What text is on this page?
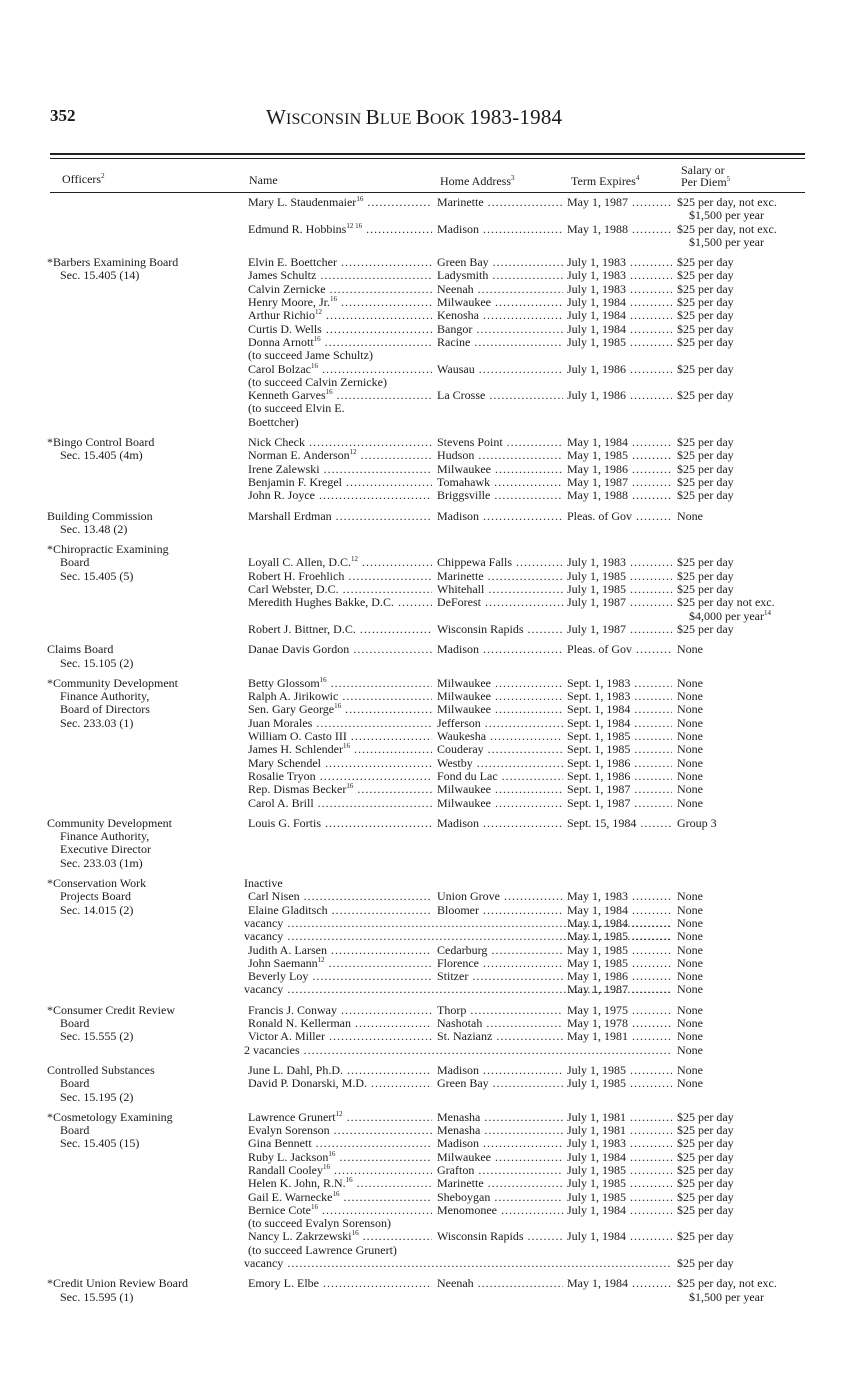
352	WISCONSIN BLUE BOOK 1983-1984
Officers$^2$	Name	Home Address$^3$	Term Expires$^4$
Salary or
Per Diem$^5$
Mary L. Staudenmaier$^{16}$ .....	Marinette .....	May 1, 1987 .....	$25 per day, not exc.
$1,500 per year
Edmund R. Hobbins$^{12 16}$ .....	Madison .....	May 1, 1988 .....	$25 per day, not exc.
$1,500 per year
*Barbers Examining Board
Sec. 15.405 (14)
Elvin E. Boettcher .....	Green Bay .....	July 1, 1983 .....	$25 per day
James Schultz .....	Ladysmith .....	July 1, 1983 .....	$25 per day
Calvin Zernicke .....	Neenah .....	July 1, 1983 .....	$25 per day
Henry Moore, Jr.$^{16}$ .....	Milwaukee .....	July 1, 1984 .....	$25 per day
Arthur Richio$^{12}$ .....	Kenosha .....	July 1, 1984 .....	$25 per day
Curtis D. Wells .....	Bangor .....	July 1, 1984 .....	$25 per day
Donna Arnott$^{16}$ .....	Racine .....	July 1, 1985 .....	$25 per day
(to succeed Jame Schultz)
Carol Bolzac$^{16}$ .....	Wausau .....	July 1, 1986 .....	$25 per day
(to succeed Calvin Zernicke)
Kenneth Garves$^{16}$ .....	La Crosse .....	July 1, 1986 .....	$25 per day
(to succeed Elvin E.
Boettcher)
*Bingo Control Board
Sec. 15.405 (4m)
Nick Check .....	Stevens Point .....	May 1, 1984 .....	$25 per day
Norman E. Anderson$^{12}$ .....	Hudson .....	May 1, 1985 .....	$25 per day
Irene Zalewski .....	Milwaukee .....	May 1, 1986 .....	$25 per day
Benjamin F. Kregel .....	Tomahawk .....	May 1, 1987 .....	$25 per day
John R. Joyce .....	Briggsville .....	May 1, 1988 .....	$25 per day
Building Commission
Sec. 13.48 (2)
Marshall Erdman .....	Madison .....	Pleas. of Gov .....	None
*Chiropractic Examining
Board
Sec. 15.405 (5)
Loyall C. Allen, D.C.$^{12}$ .....	Chippewa Falls .....	July 1, 1983 .....	$25 per day
Robert H. Froehlich .....	Marinette .....	July 1, 1985 .....	$25 per day
Carl Webster, D.C. .....	Whitehall .....	July 1, 1985 .....	$25 per day
Meredith Hughes Bakke, D.C. .....	DeForest .....	July 1, 1987 .....	$25 per day not exc.
$4,000 per year$^{14}$
Robert J. Bittner, D.C. .....	Wisconsin Rapids .....	July 1, 1987 .....	$25 per day
Claims Board
Sec. 15.105 (2)
Danae Davis Gordon .....	Madison .....	Pleas. of Gov .....	None
*Community Development
Finance Authority,
Board of Directors
Sec. 233.03 (1)
Betty Glossom$^{16}$ .....	Milwaukee .....	Sept. 1, 1983 .....	None
Ralph A. Jirikowic .....	Milwaukee .....	Sept. 1, 1983 .....	None
Sen. Gary George$^{16}$ .....	Milwaukee .....	Sept. 1, 1984 .....	None
Juan Morales .....	Jefferson .....	Sept. 1, 1984 .....	None
William O. Casto III .....	Waukesha .....	Sept. 1, 1985 .....	None
James H. Schlender$^{16}$ .....	Couderay .....	Sept. 1, 1985 .....	None
Mary Schendel .....	Westby .....	Sept. 1, 1986 .....	None
Rosalie Tryon .....	Fond du Lac .....	Sept. 1, 1986 .....	None
Rep. Dismas Becker$^{16}$ .....	Milwaukee .....	Sept. 1, 1987 .....	None
Carol A. Brill .....	Milwaukee .....	Sept. 1, 1987 .....	None
Community Development
Finance Authority,
Executive Director
Sec. 233.03 (1m)
Louis G. Fortis .....	Madison .....	Sept. 15, 1984 .....	Group 3
*Conservation Work
Projects Board
Sec. 14.015 (2)
Inactive
Carl Nisen .....	Union Grove .....	May 1, 1983 .....	None
Elaine Gladitsch .....	Bloomer .....	May 1, 1984 .....	None
vacancy .....	May 1, 1984 .....	None
vacancy .....	May 1, 1985 .....	None
Judith A. Larsen .....	Cedarburg .....	May 1, 1985 .....	None
John Saemann$^{12}$ .....	Florence .....	May 1, 1985 .....	None
Beverly Loy .....	Stitzer .....	May 1, 1986 .....	None
vacancy .....	May 1, 1987 .....	None
*Consumer Credit Review
Board
Sec. 15.555 (2)
Francis J. Conway .....	Thorp .....	May 1, 1975 .....	None
Ronald N. Kellerman .....	Nashotah .....	May 1, 1978 .....	None
Victor A. Miller .....	St. Nazianz .....	May 1, 1981 .....	None
2 vacancies .....	None
Controlled Substances
Board
Sec. 15.195 (2)
June L. Dahl, Ph.D. .....	Madison .....	July 1, 1985 .....	None
David P. Donarski, M.D. .....	Green Bay .....	July 1, 1985 .....	None
*Cosmetology Examining
Board
Sec. 15.405 (15)
Lawrence Grunert$^{12}$ .....	Menasha .....	July 1, 1981 .....	$25 per day
Evalyn Sorenson .....	Menasha .....	July 1, 1981 .....	$25 per day
Gina Bennett .....	Madison .....	July 1, 1983 .....	$25 per day
Ruby L. Jackson$^{16}$ .....	Milwaukee .....	July 1, 1984 .....	$25 per day
Randall Cooley$^{16}$ .....	Grafton .....	July 1, 1985 .....	$25 per day
Helen K. John, R.N.$^{16}$ .....	Marinette .....	July 1, 1985 .....	$25 per day
Gail E. Warnecke$^{16}$ .....	Sheboygan .....	July 1, 1985 .....	$25 per day
Bernice Cote$^{16}$ .....	Menomonee .....	July 1, 1984 .....	$25 per day
(to succeed Evalyn Sorenson)
Nancy L. Zakrzewski$^{16}$ .....	Wisconsin Rapids .....	July 1, 1984 .....	$25 per day
(to succeed Lawrence Grunert)
vacancy .....	$25 per day
*Credit Union Review Board
Sec. 15.595 (1)
Emory L. Elbe .....	Neenah .....	May 1, 1984 .....	$25 per day, not exc.
$1,500 per year
